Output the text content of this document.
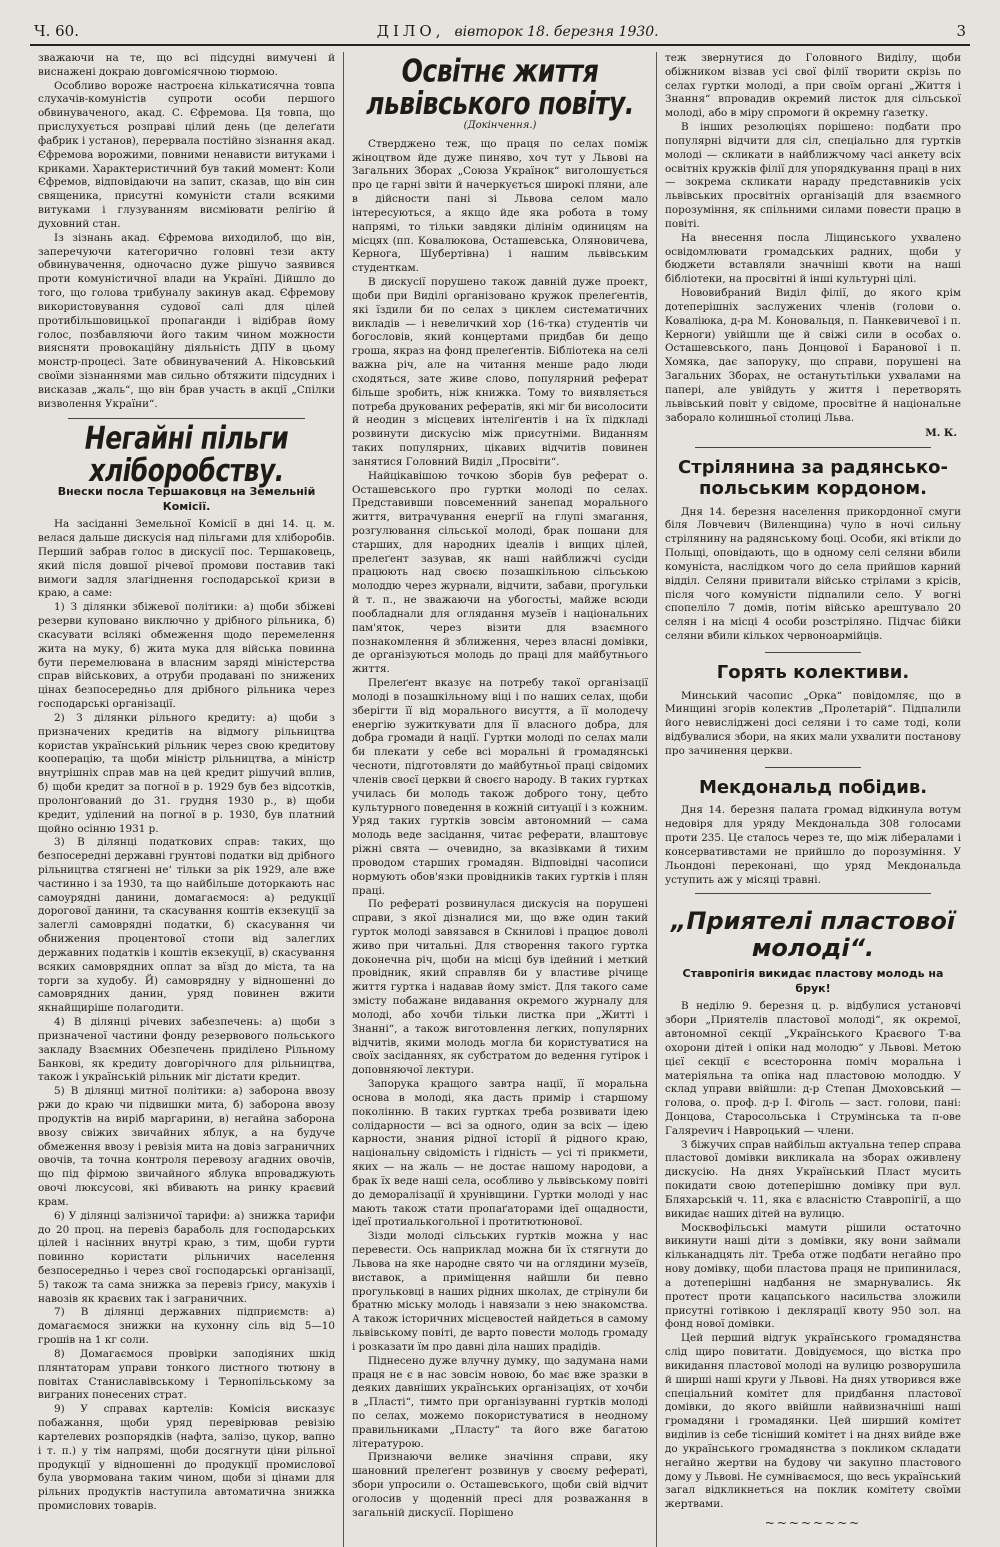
Ч. 60.	ДІЛО, вівторок 18. березня 1930.	3

зважаючи на те, що всі підсудні вимучені й виснажені докраю довгомісячною тюрмою.

Особливо вороже настроєна кількатисячна товпа слухачів-комуністів супроти особи першого обвинуваченого, акад. С. Єфремова. Ця товпа, що прислухується розправі цілий день (це делеґати фабрик і установ), перервала постійно зізнання акад. Єфремова ворожими, повними ненависти витуками і криками. Характеристичний був такий момент: Коли Єфремов, відповідаючи на запит, сказав, що він син священика, присутні комуністи стали всякими витуками і глузуванням висміювати релігію й духовний стан.

Із зізнань акад. Єфремова виходилоб, що він, заперечуючи категорично головні тези акту обвинувачення, одночасно дуже рішучо заявився проти комуністичної влади на Україні. Дійшло до того, що голова трибуналу закинув акад. Єфремову використовування судової салі для цілей протибільшовицької пропаганди і відібрав йому голос, позбавляючи його таким чином можности виясняти провокаційну діяльність ДПУ в цьому монстр-процесі. Зате обвинувачений А. Ніковський своїми зізнаннями мав сильно обтяжити підсудних і висказав „жаль“, що він брав участь в акції „Спілки визволення України“.

Негайні пільги хліборобству.
Внески посла Тершаковця на Земельній Комісії.

На засіданні Земельної Комісії в дні 14. ц. м. велася дальше дискусія над пільгами для хліборобів. Перший забрав голос в дискусії пос. Тершаковець, який після довшої річевої промови поставив такі вимоги задля злагіднення господарської кризи в краю, а саме:

1) З ділянки збіжевої політики: а) щоби збіжеві резерви куповано виключно у дрібного рільника, б) скасувати всілякі обмеження щодо перемелення жита на муку, б) жита мука для війська повинна бути перемелювана в власним заряді міністерства справ військових, а отруби продавані по знижених цінах безпосередньо для дрібного рільника через господарські організації.

2) З ділянки рільного кредиту: а) щоби з призначених кредитів на відмогу рільництва користав український рільник через свою кредитову кооперацію, та щоби міністр рільництва, а міністр внутрішніх справ мав на цей кредит рішучий вплив, б) щоби кредит за погної в р. 1929 був без відсотків, пролонґований до 31. грудня 1930 р., в) щоби кредит, уділений на погної в р. 1930, був платний щойно осінню 1931 р.

3) В ділянці податкових справ: таких, що безпосередні державні грунтові податки від дрібного рільництва стягнені не‘ тільки за рік 1929, але вже частинно і за 1930, та що найбільше доторкають нас самоурядні данини, домагаємося: а) редукції дорогової данини, та скасування коштів екзекуції за залеглі самоврядні податки, б) скасування чи обнижения процентової стопи від залеглих державних податків і коштів екзекуції, в) скасування всяких самоврядних оплат за вїзд до міста, та на торги за худобу. Й) самоврядну у відношенні до самоврядних данин, уряд повинен вжити якнайщиріше полагодити.

4) В ділянці річевих забезпечень: а) щоби з призначеної частини фонду резервового польського закладу Взаємних Обезпечень приділено Рільному Банкові, як кредиту довгорічного для рільництва, також і українській рільник міг дістати кредит.

5) В ділянці митної політики: а) заборона ввозу ржи до краю чи підвишки мита, б) заборона ввозу продуктів на виріб маргарини, в) негайна заборона ввозу свіжих звичайних яблук, а на будуче обмеження ввозу і ревізія мита на довіз заграничних овочів, та точна контроля перевозу агадних овочів, що під фірмою звичайного яблука впроваджують овочі люксусові, які вбивають на ринку краєвий крам.

6) У ділянці залізничої тарифи: а) знижка тарифи до 20 проц. на перевіз бараболь для господарських цілей і насінних внутрі краю, з тим, щоби гурти повинно користати рільничих населення безпосередньо і через свої господарські організації, 5) також та сама знижка за перевіз ґрису, макухів і навозів як краєвих так і заграничних.

7) В ділянці державних підприємств: а) домагаємося знижки на кухонну сіль від 5—10 грошів на 1 кг соли.

8) Домагаємося провірки заподіяних шкід плянтаторам управи тонкого листного тютюну в повітах Станиславівському і Тернопільському за виграних понесених страт.

9) У справах картелів: Комісія висказує побажання, щоби уряд перевірював ревізію картелевих розпорядків (нафта, залізо, цукор, вапно і т. п.) у тім напрямі, щоби досягнути ціни рільної продукції у відношенні до продукції промислової була увоpмована таким чином, щоби зі цінами для рільних продуктів наступила автоматична знижка промислових товарів.

Освітнє життя львівського повіту.
(Докінчення.)

Ствердженo теж, що праця по селах поміж жіноцтвом йде дуже пиняво, хоч тут у Львові на Загальних Зборах „Союза Українок“ виголошується про це гарні звіти й начеркується широкі пляни, але в дійсности пані зі Львова селом мало інтересуються, а якщо йде яка робота в тому напрямі, то тільки завдяки ділінім одиницям на місцях (пп. Ковалюкова, Осташевська, Оляновичева, Кернога, Шубертівна) і нашим львівським студенткам.

В дискусії порушено також давній дуже проект, щоби при Виділі організовано кружок прелеґентів, які їздили би по селах з циклем систематичних викладів — і невеличкий хор (16-тка) студентів чи богословів, який концертами придбав би дещо гроша, якраз на фонд прелеґентів. Бібліотека на селі важна річ, але на читання менше радо люди сходяться, зате живе слово, популярний реферат більше зробить, ніж книжка. Тому то виявляється потреба друкованих рефератів, які міг би висолосити й неодин з місцевих інтеліґентів і на їх підкладі розвинути дискусію між присутніми. Виданням таких популярних, цікавих відчитів повинен занятися Головний Виділ „Просвіти“.

Найцікавішою точкою зборів був реферат о. Осташевського про гуртки молоді по селах. Представивши повсеменний занепад морального життя, витрачування енергії на глупі змагання, розгулювання сільської молоді, брак пошани для старших, для народних ідеалів і вищих цілей, прелеґент зазував, як наші найближчі сусіди працюють над своєю позашкільною сільською молоддю через журнали, відчити, забави, прогульки й т. п., не зважаючи на убогостьі, майже всюди пообладнали для оглядання музеїв і національних пам'яток, через візити для взаємного познакомлення й зближення, через власні домівки, де організуються молодь до праці для майбутнього життя.

Прелеґент вказує на потребу такої організації молоді в позашкільному віці і по наших селах, щоби зберігти її від морального висуття, а її молодечу енергію зужиткувати для її власного добра, для добра громади й нації. Гуртки молоді по селах мали би плекати у себе всі моральні й громадянські чесноти, підготовляти до майбутньої праці свідомих членів своєї церкви й своєго народу. В таких гуртках училась би молодь також доброго тону, цебто культурного поведення в кожній ситуації і з кожним. Уряд таких гуртків зовсім автономний — сама молодь веде засідання, читає реферати, влаштовує ріжні свята — очевидно, за вказівками й тихим проводом старших громадян. Відповідні часописи нормують обов'язки провідників таких гуртків і плян праці.

По рефераті розвинулася дискусія на порушені справи, з якої дізналися ми, що вже один такий гурток молоді завязався в Скнилові і працює доволі живо при читальні. Для створення такого гуртка доконечна річ, щоби на місці був ідейний і меткий провідник, який справляв би у властиве річище життя гуртка і надавав йому зміст. Для такого саме змісту побажане видавання окремого журналу для молоді, або хочби тільки листка при „Житті і Знанні“, а також виготовлення легких, популярних відчитів, якими молодь могла би користуватися на своїх засіданнях, як субстратом до ведення гутірок і доповняючої лектури.

Запорука кращого завтра нації, її моральна основа в молоді, яка дасть примір і старшому поколінню. В таких гуртках треба розвивати ідею солідарности — всі за одного, один за всіх — ідею карности, знания рідної історії й рідного краю, національну свідомість і гідність — усі ті прикмети, яких — на жаль — не достає нашому народови, а брак їх веде наші села, особливо у львівському повіті до деморалізації й хрунівщини. Гуртки молоді у нас мають також стати пропаґаторами ідеї ощадности, ідеї протиалькогольної і протитютюнової.

Зізди молоді сільських гуртків можна у нас перевести. Ось наприклад можна би їх стягнути до Львова на яке народне свято чи на оглядини музеїв, виставок, а приміщення найшли би певно прогульковці в наших рідних школах, де стрінули би братню міську молодь і навязали з нею знакомства. А також історичних місцевостей найдеться в самому львівському повіті, де варто повести молодь громаду і розказати їм про давні діла наших прадідів.

Піднесено дуже влучну думку, що задумана нами праця не є в нас зовсім новою, бо має вже зразки в деяких давніших українських організаціях, от хочби в „Пласті“, тимто при організуванні гуртків молоді по селах, можемо покористуватися в неодному правильниками „Пласту“ та його вже багатою літературою.

Признаючи велике значіння справи, яку шановний прелеґент розвинув у своєму рефераті, збори упросили о. Осташевського, щоби свій відчит оголосив у щоденній пресі для розважання в загальній дискусії. Порішено

теж звернутися до Головного Виділу, щоби обіжником візвав усі свої філії творити скрізь по селах гуртки молоді, а при своїм органі „Життя і Знання“ впровадив окремий листок для сільської молоді, або в міру спромоги й окремну ґазетку.

В інших резолюціях порішено: подбати про популярні відчити для сіл, спеціально для гуртків молоді — скликати в найближчому часі анкету всіх освітніх кружків філії для упорядкування праці в них — зокрема скликати нараду представників усіх львівських просвітніх організацій для взаємного порозуміння, як спільними силами повести працю в повіті.

На внесення посла Ліщинського ухвалено освідомлювати громадських радних, щоби у бюджети вставляли значніші квоти на наші бібліотеки, на просвітні й інші культурні цілі.

Нововибраний Виділ філії, до якого крім дотеперішніх заслужених членів (голови о. Коваліюка, д-ра М. Коновальця, п. Панкевичевої і п. Керноги) увійшли ще й свіжі сили в особах о. Осташевського, пань Донцової і Баранової і п. Хомяка, дає запоруку, що справи, порушені на Загальних Зборах, не останутьтільки ухвалами на папері, але увійдуть у життя і перетворять львівський повіт у свідоме, просвітне й національне заборало колишньої столиці Льва.

М. К.
Стрілянина за радянсько-польським кордоном.

Дня 14. березня населення прикордонної смуги біля Ловчевич (Виленщина) чуло в ночі сильну стрілянину на радянському боці. Особи, які втікли до Польщі, оповідають, що в одному селі селяни вбили комуніста, наслідком чого до села прийшов карний відділ. Селяни привитали військо стрілами з крісів, після чого комуністи підпалили село. У вогні спопеліло 7 домів, потім військо арештувало 20 селян і на місці 4 особи розстріляно. Підчас бійки селяни вбили кількох червоноармійців.

Горять колективи.

Минський часопис „Орка“ повідомляє, що в Минщині згорів колектив „Пролетарій“. Підпалили його невисліджені досі селяни і то саме тоді, коли відбувалися збори, на яких мали ухвалити постанову про зачинення церкви.

Мекдональд побідив.

Дня 14. березня палата громад відкинула вотум недовіря для уряду Мекдональда 308 голосами проти 235. Це сталось через те, що між лібералами і консервативстами не прийшло до порозуміння. У Льондоні переконані, що уряд Мекдональда уступить аж у місяці травні.

„Приятелі пластової молоді“.
Ставропігія викидає пластову молодь на брук!

В неділю 9. березня ц. р. відбулися установчі збори „Приятелів пластової молоді“, як окремої, автономної секції „Українського Краєвого Т-ва охорони дітей і опіки над молодю“ у Львові. Метою цієї секції є всесторонна поміч моральна і матеріяльна та опіка над пластовою молоддю. У склад управи ввійшли: д-р Степан Дмоховський — голова, о. проф. д-р І. Фіголь — заст. голови, пані: Донцова, Старосольська і Струмінська та п-ове Галярevич і Навроцький — члени.

З біжучих справ найбільш актуальна тепер справа пластової домівки викликала на зборах оживлену дискусію. На днях Український Пласт мусить покидати свою дотеперішню домівку при вул. Бляхарській ч. 11, яка є власністю Ставропігії, а що викидає наших дітей на вулицю.

Москвофільські мамути рішили остаточно викинути наші діти з домівки, яку вони займали кільканадцять літ. Треба отже подбати негайно про нову домівку, щоби пластова праця не припинилася, а дотеперішні надбання не змарнувались. Як протест проти кацапського насильства зложили присутні готівкою і деклярації квоту 950 зол. на фонд нової домівки.

Цей перший відгук українського громадянства слід щиро повитати. Довідуємося, що вістка про викидання пластової молоді на вулицю розворушила й ширші наші круги у Львові. На днях утворився вже спеціальний комітет для придбання пластової домівки, до якого ввійшли найвизначніші наші громадяни і громадянки. Цей ширший комітет виділив із себе тісніший комітет і на днях вийде вже до українського громадянства з покликом складати негайно жертви на будову чи закупно пластового дому у Львові. Не сумніваємося, що весь український загал відкликнеться на поклик комітету своїми жертвами.

~~~~~~~~
